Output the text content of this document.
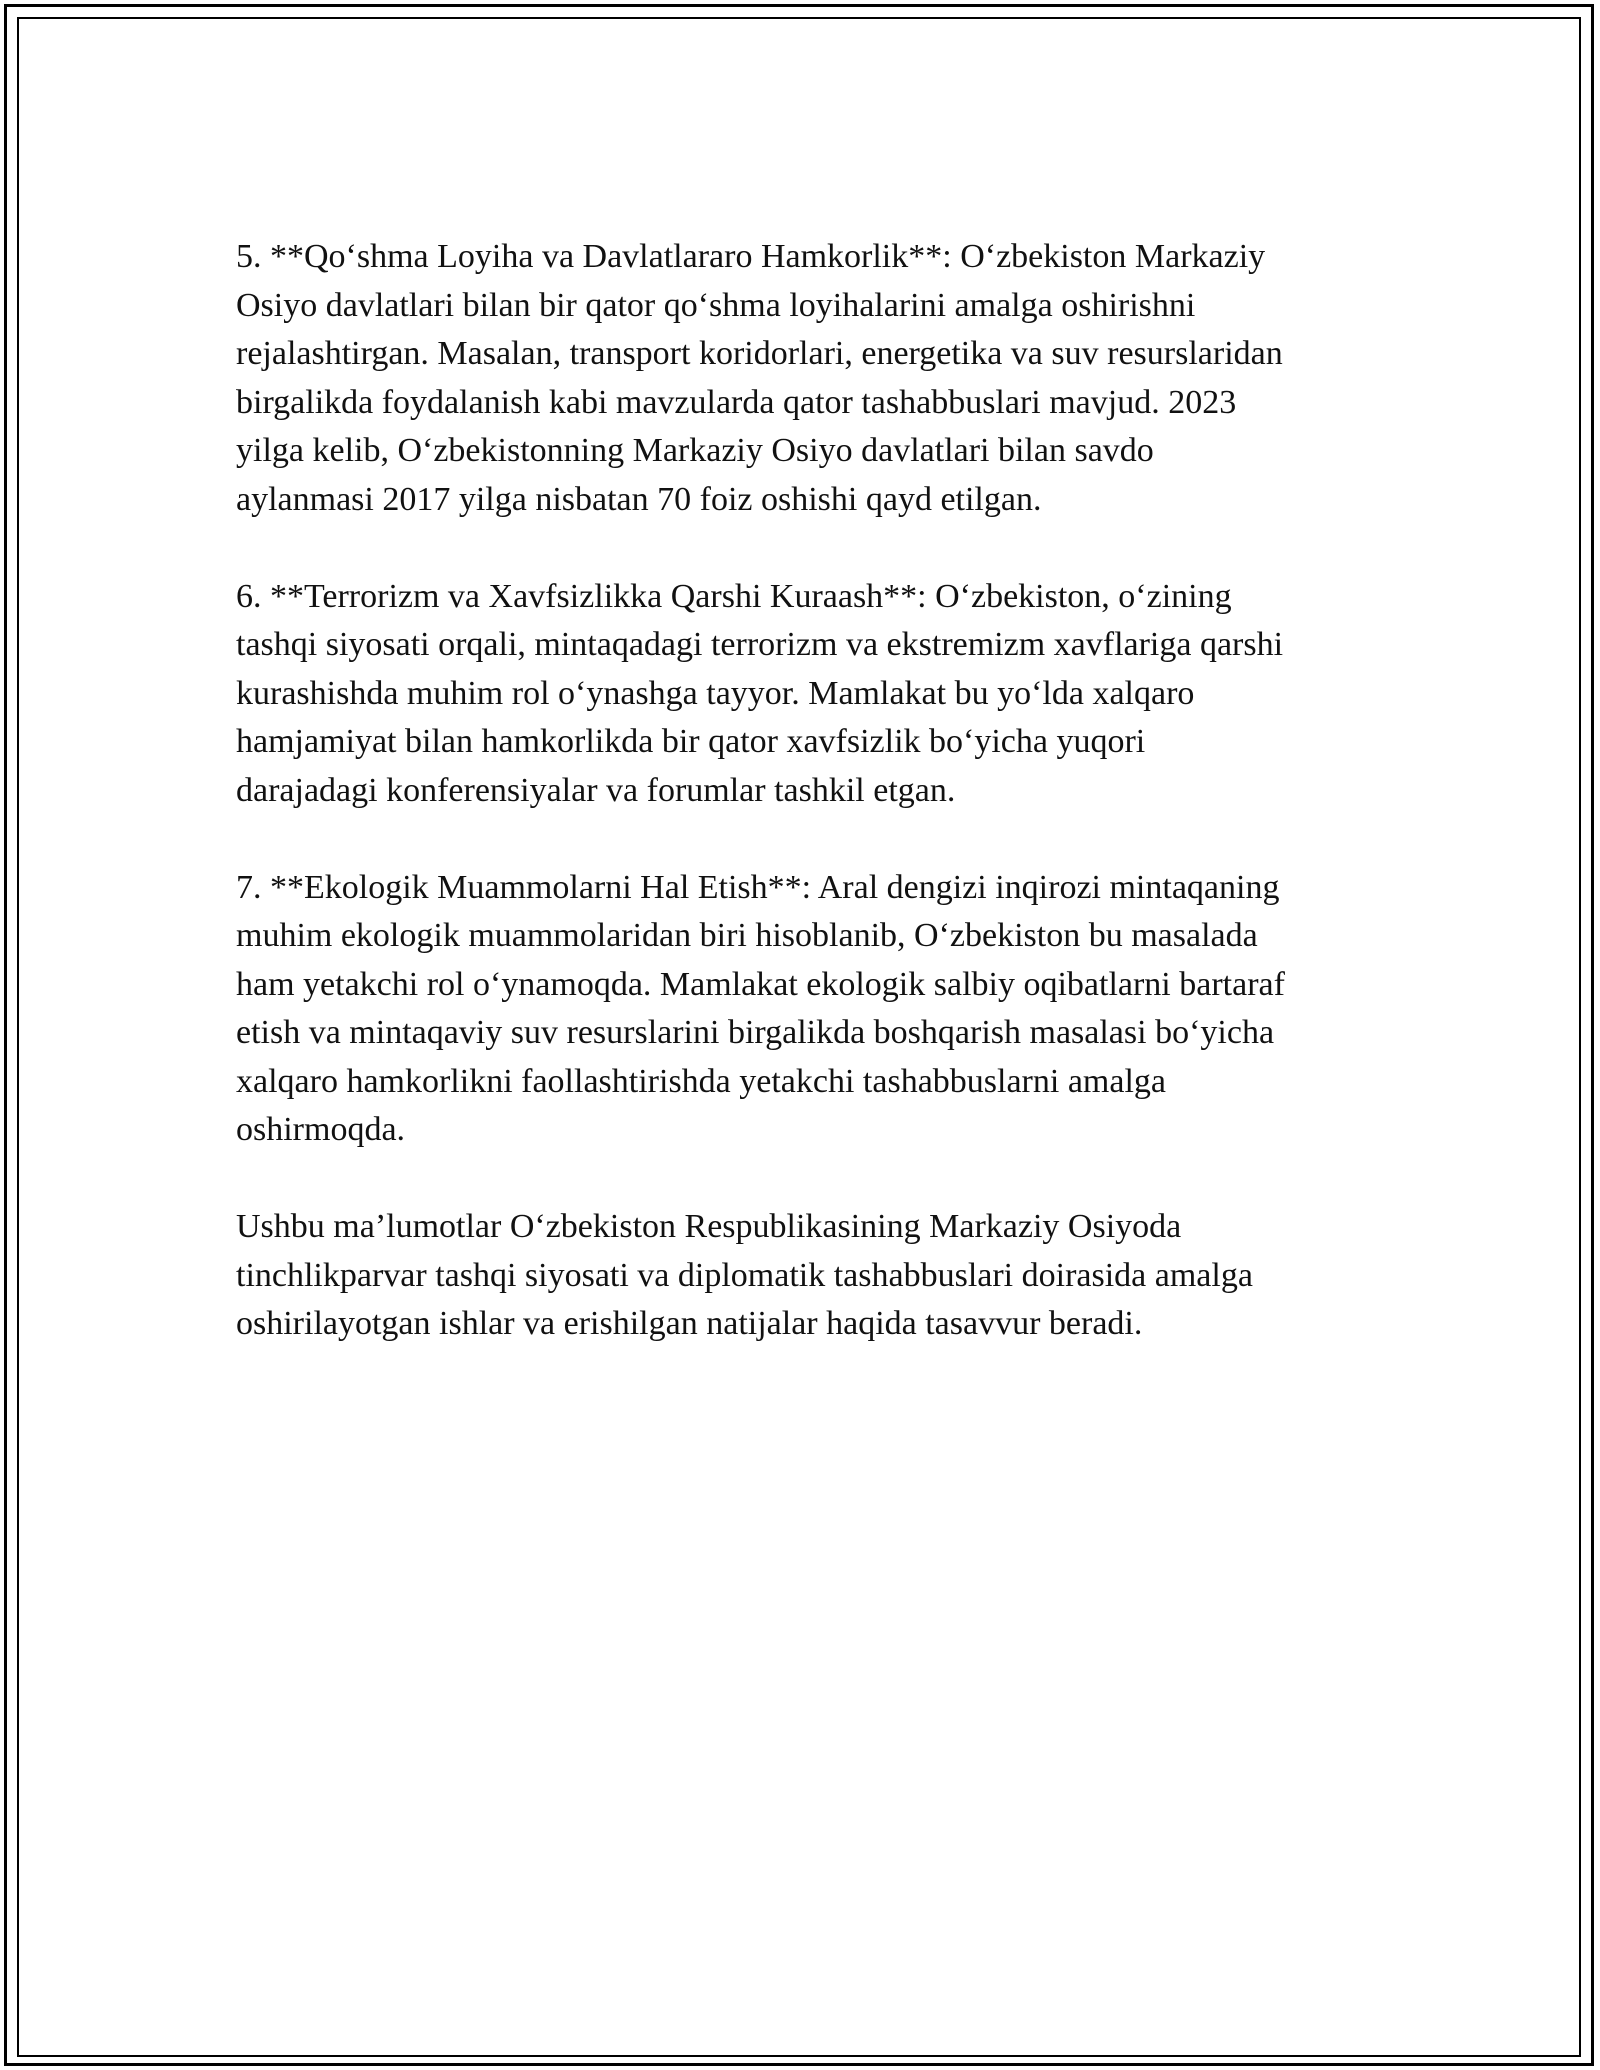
5. **Qo‘shma Loyiha va Davlatlararo Hamkorlik**: O‘zbekiston Markaziy
Osiyo davlatlari bilan bir qator qo‘shma loyihalarini amalga oshirishni
rejalashtirgan. Masalan, transport koridorlari, energetika va suv resurslaridan
birgalikda foydalanish kabi mavzularda qator tashabbuslari mavjud. 2023
yilga kelib, O‘zbekistonning Markaziy Osiyo davlatlari bilan savdo
aylanmasi 2017 yilga nisbatan 70 foiz oshishi qayd etilgan.

6. **Terrorizm va Xavfsizlikka Qarshi Kuraash**: O‘zbekiston, o‘zining
tashqi siyosati orqali, mintaqadagi terrorizm va ekstremizm xavflariga qarshi
kurashishda muhim rol o‘ynashga tayyor. Mamlakat bu yo‘lda xalqaro
hamjamiyat bilan hamkorlikda bir qator xavfsizlik bo‘yicha yuqori
darajadagi konferensiyalar va forumlar tashkil etgan.

7. **Ekologik Muammolarni Hal Etish**: Aral dengizi inqirozi mintaqaning
muhim ekologik muammolaridan biri hisoblanib, O‘zbekiston bu masalada
ham yetakchi rol o‘ynamoqda. Mamlakat ekologik salbiy oqibatlarni bartaraf
etish va mintaqaviy suv resurslarini birgalikda boshqarish masalasi bo‘yicha
xalqaro hamkorlikni faollashtirishda yetakchi tashabbuslarni amalga
oshirmoqda.

Ushbu ma’lumotlar O‘zbekiston Respublikasining Markaziy Osiyoda
tinchlikparvar tashqi siyosati va diplomatik tashabbuslari doirasida amalga
oshirilayotgan ishlar va erishilgan natijalar haqida tasavvur beradi.
